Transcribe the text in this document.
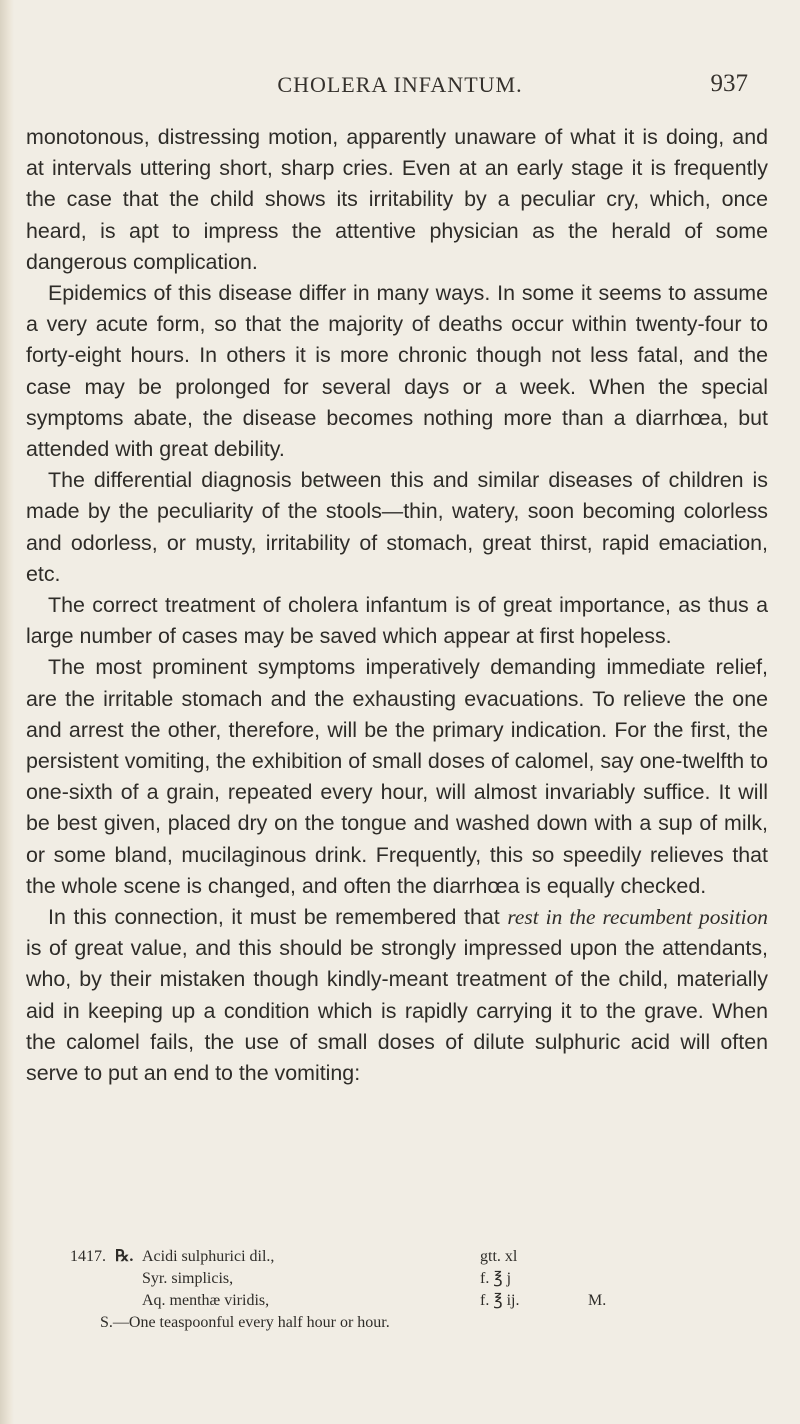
CHOLERA INFANTUM.	937

monotonous, distressing motion, apparently unaware of what it is doing, and at intervals uttering short, sharp cries. Even at an early stage it is frequently the case that the child shows its irritability by a peculiar cry, which, once heard, is apt to impress the attentive physician as the herald of some dangerous complication.

Epidemics of this disease differ in many ways. In some it seems to assume a very acute form, so that the majority of deaths occur within twenty-four to forty-eight hours. In others it is more chronic though not less fatal, and the case may be prolonged for several days or a week. When the special symptoms abate, the disease becomes nothing more than a diarrhœa, but attended with great debility.

The differential diagnosis between this and similar diseases of children is made by the peculiarity of the stools—thin, watery, soon becoming colorless and odorless, or musty, irritability of stomach, great thirst, rapid emaciation, etc.

The correct treatment of cholera infantum is of great importance, as thus a large number of cases may be saved which appear at first hopeless.

The most prominent symptoms imperatively demanding immediate relief, are the irritable stomach and the exhausting evacuations. To relieve the one and arrest the other, therefore, will be the primary indication. For the first, the persistent vomiting, the exhibition of small doses of calomel, say one-twelfth to one-sixth of a grain, repeated every hour, will almost invariably suffice. It will be best given, placed dry on the tongue and washed down with a sup of milk, or some bland, mucilaginous drink. Frequently, this so speedily relieves that the whole scene is changed, and often the diarrhœa is equally checked.

In this connection, it must be remembered that rest in the recumbent position is of great value, and this should be strongly impressed upon the attendants, who, by their mistaken though kindly-meant treatment of the child, materially aid in keeping up a condition which is rapidly carrying it to the grave. When the calomel fails, the use of small doses of dilute sulphuric acid will often serve to put an end to the vomiting:

1417. ℞. Acidi sulphurici dil.,	gtt. xl
Syr. simplicis,	f. ℥ j
Aq. menthæ viridis,	f. ℥ ij.	M.
S.—One teaspoonful every half hour or hour.
